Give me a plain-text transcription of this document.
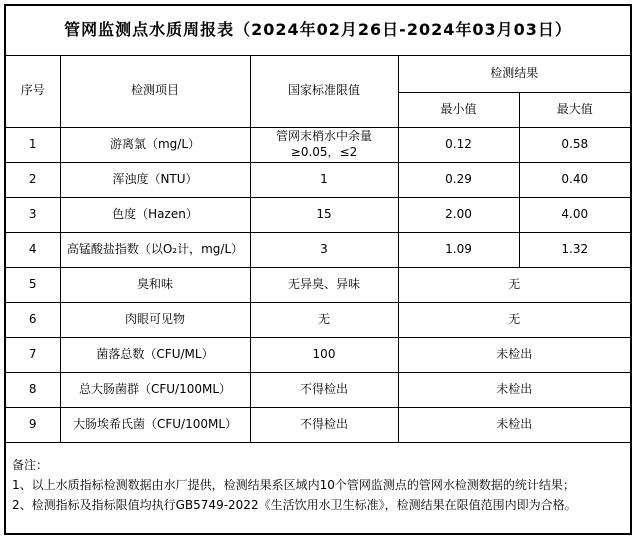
管网监测点水质周报表（2024年02月26日-2024年03月03日）				
序号	检测项目	国家标准限值	检测结果	
			最小值	最大值
1	游离氯（mg/L）	管网末梢水中余量≥0.05，≤2	0.12	0.58
2	浑浊度（NTU）	1	0.29	0.40
3	色度（Hazen）	15	2.00	4.00
4	高锰酸盐指数（以O₂计，mg/L）	3	1.09	1.32
5	臭和味	无异臭、异味	无	
6	肉眼可见物	无	无	
7	菌落总数（CFU/ML）	100	未检出	
8	总大肠菌群（CFU/100ML）	不得检出	未检出	
9	大肠埃希氏菌（CFU/100ML）	不得检出	未检出	

备注：
1、以上水质指标检测数据由水厂提供，检测结果系区域内10个管网监测点的管网水检测数据的统计结果；
2、检测指标及指标限值均执行GB5749-2022《生活饮用水卫生标准》，检测结果在限值范围内即为合格。				
